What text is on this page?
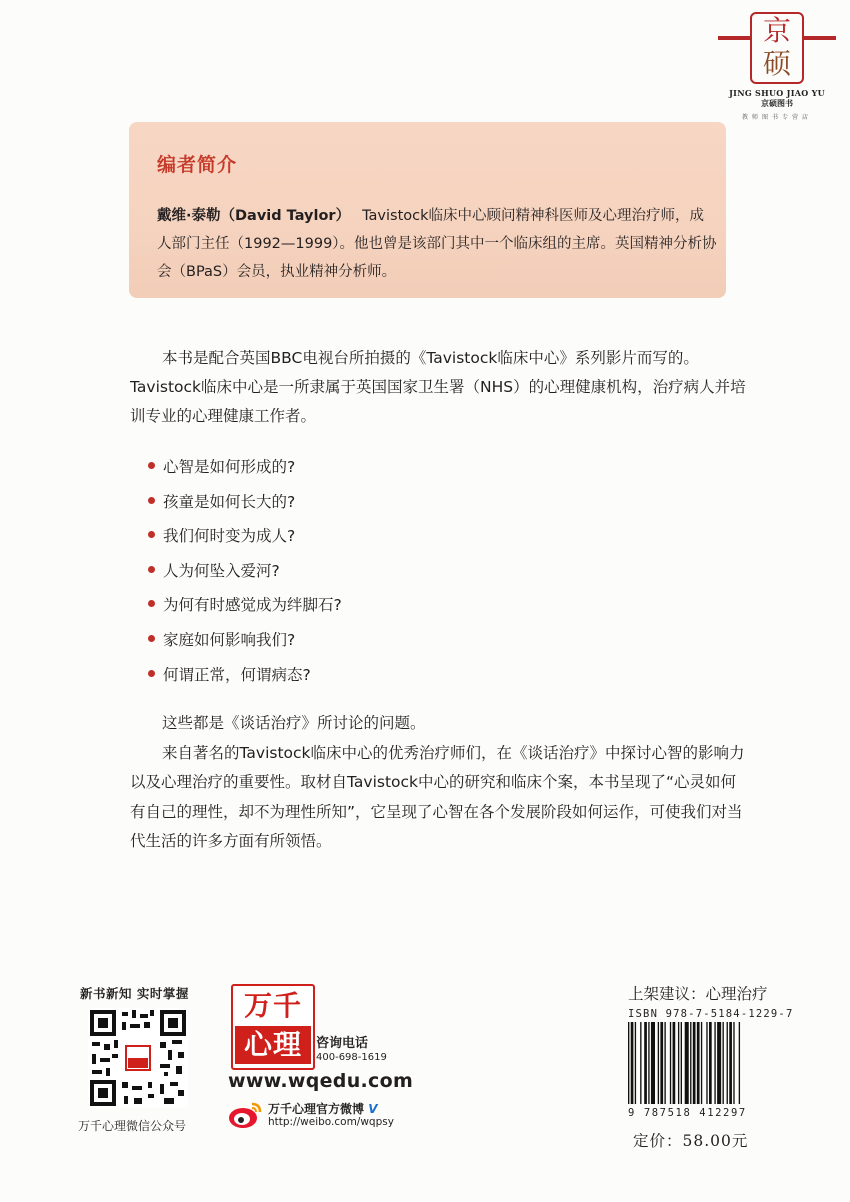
京
硕
JING SHUO JIAO YU
京硕图书
教师图书专营店
编者简介
戴维·泰勒（David Taylor） Tavistock临床中心顾问精神科医师及心理治疗师，成人部门主任（1992—1999）。他也曾是该部门其中一个临床组的主席。英国精神分析协会（BPaS）会员，执业精神分析师。

本书是配合英国BBC电视台所拍摄的《Tavistock临床中心》系列影片而写的。

Tavistock临床中心是一所隶属于英国国家卫生署（NHS）的心理健康机构，治疗病人并培训专业的心理健康工作者。

心智是如何形成的?
孩童是如何长大的?
我们何时变为成人?
人为何坠入爱河?
为何有时感觉成为绊脚石?
家庭如何影响我们?
何谓正常，何谓病态?

这些都是《谈话治疗》所讨论的问题。

来自著名的Tavistock临床中心的优秀治疗师们，在《谈话治疗》中探讨心智的影响力以及心理治疗的重要性。取材自Tavistock中心的研究和临床个案，本书呈现了“心灵如何有自己的理性，却不为理性所知”，它呈现了心智在各个发展阶段如何运作，可使我们对当代生活的许多方面有所领悟。

新书新知 实时掌握
万千心理微信公众号
万千
心理	咨询电话
400-698-1619
www.wqedu.com
万千心理官方微博 V
http://weibo.com/wqpsy
上架建议：心理治疗
ISBN 978-7-5184-1229-7
9 787518 412297
定价：58.00元
